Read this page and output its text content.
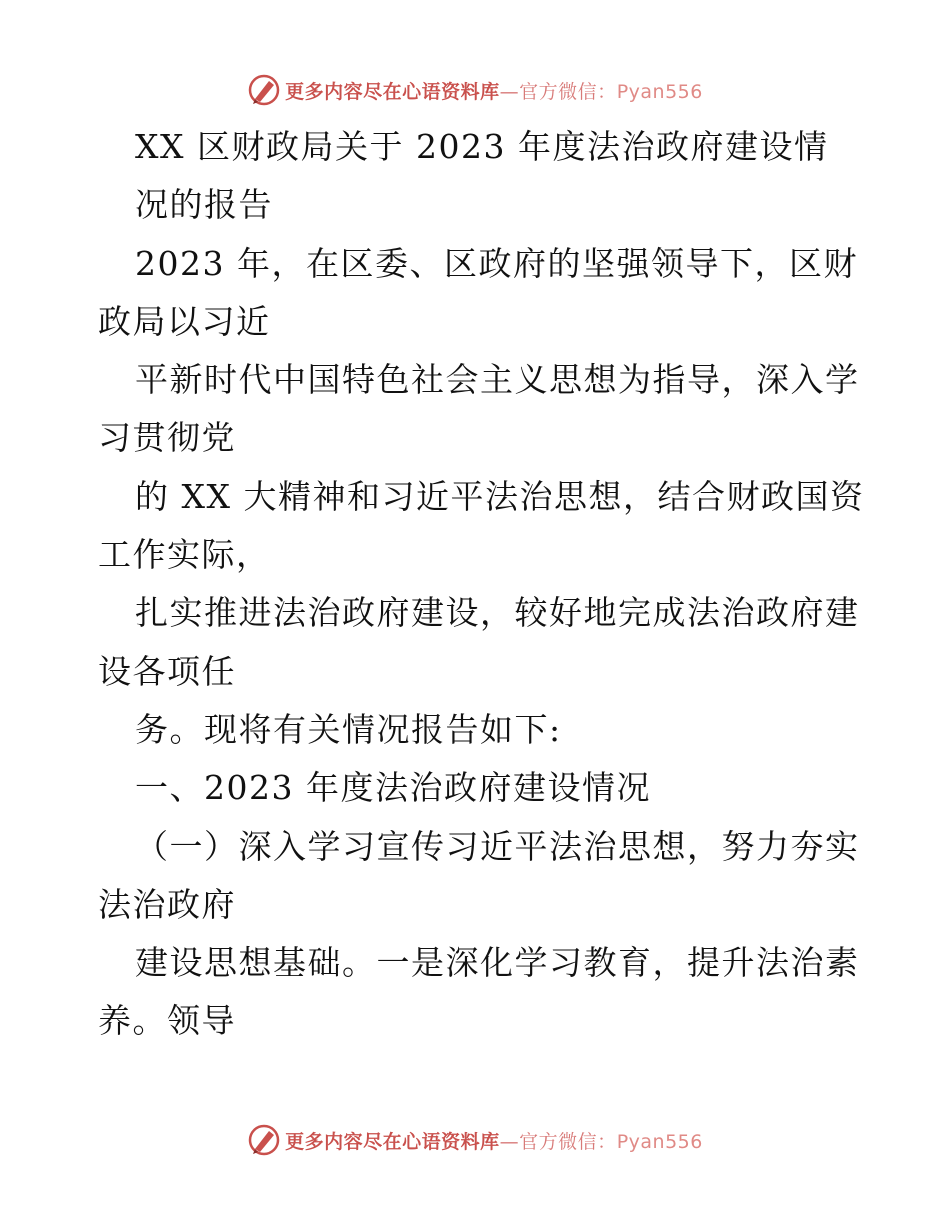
更多内容尽在心语资料库—官方微信：Pyan556
XX 区财政局关于 2023 年度法治政府建设情
况的报告
2023 年，在区委、区政府的坚强领导下，区财
政局以习近
平新时代中国特色社会主义思想为指导，深入学
习贯彻党
的 XX 大精神和习近平法治思想，结合财政国资
工作实际，
扎实推进法治政府建设，较好地完成法治政府建
设各项任
务。现将有关情况报告如下:
一、2023 年度法治政府建设情况
（一）深入学习宣传习近平法治思想，努力夯实
法治政府
建设思想基础。一是深化学习教育，提升法治素
养。领导
更多内容尽在心语资料库—官方微信：Pyan556
